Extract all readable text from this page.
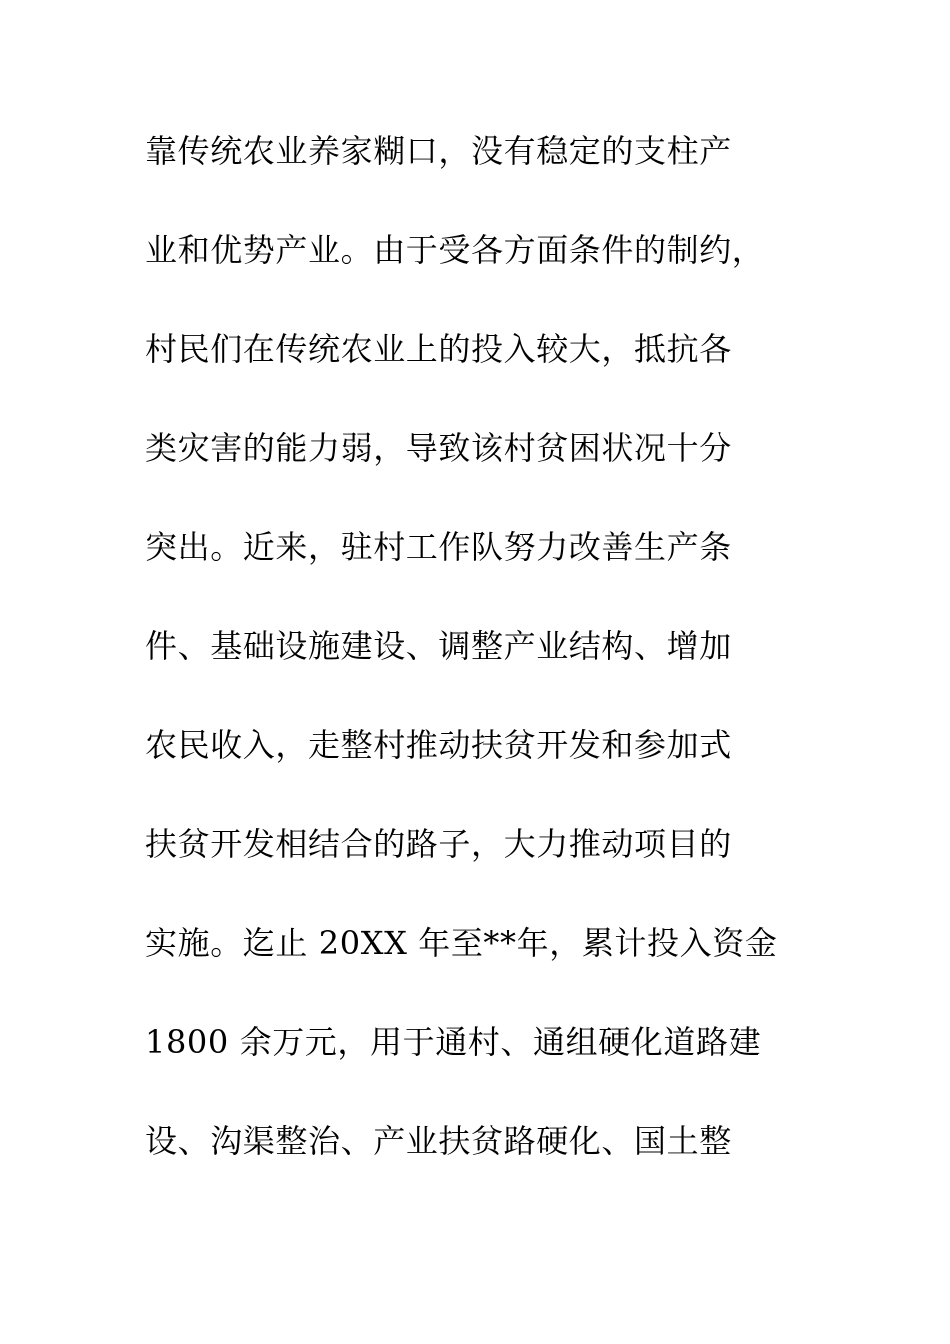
靠传统农业养家糊口，没有稳定的支柱产
业和优势产业。由于受各方面条件的制约，
村民们在传统农业上的投入较大，抵抗各
类灾害的能力弱，导致该村贫困状况十分
突出。近来，驻村工作队努力改善生产条
件、基础设施建设、调整产业结构、增加
农民收入，走整村推动扶贫开发和参加式
扶贫开发相结合的路子，大力推动项目的
实施。迄止 20XX 年至**年，累计投入资金
1800 余万元，用于通村、通组硬化道路建
设、沟渠整治、产业扶贫路硬化、国土整
